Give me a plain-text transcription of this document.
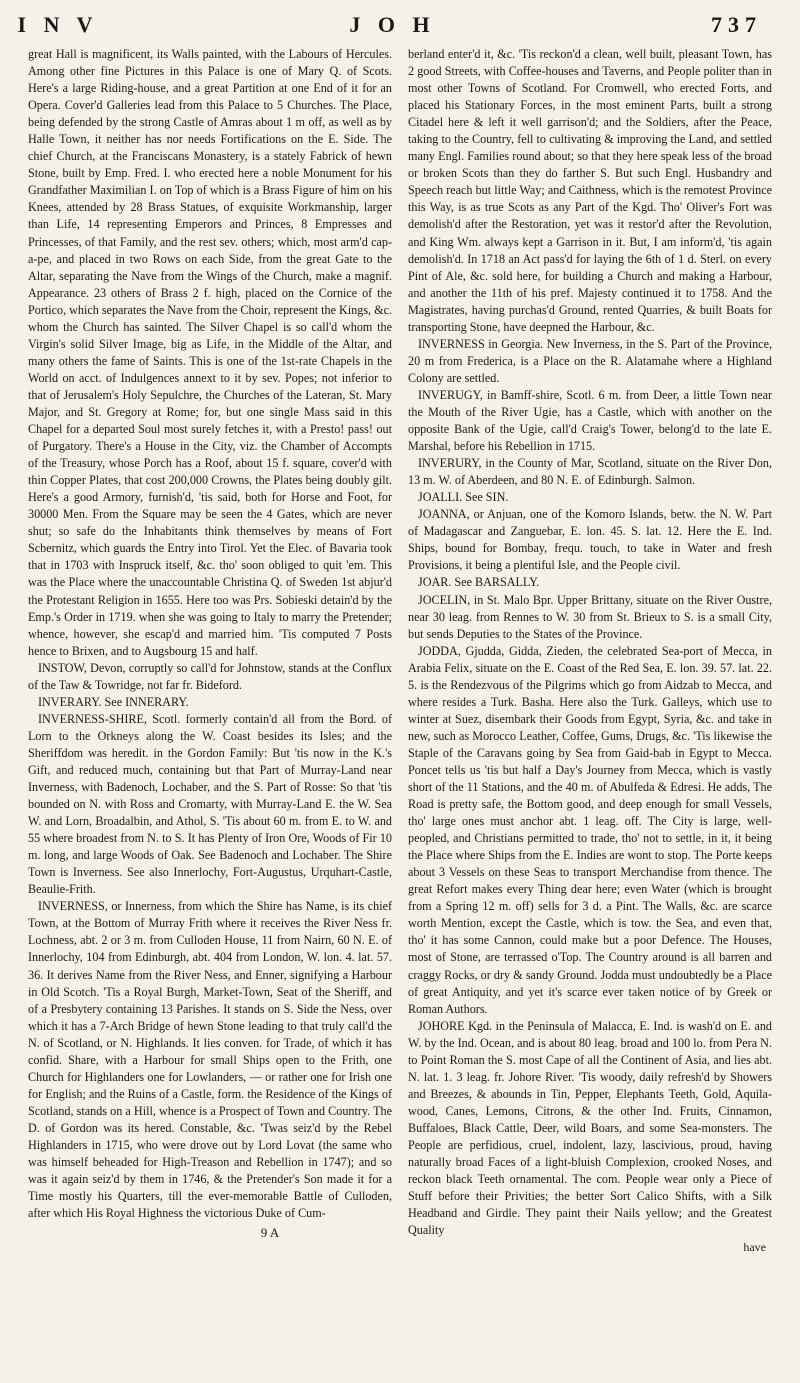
I N V	J O H	737

great Hall is magnificent, its Walls painted, with the Labours of Hercules. Among other fine Pictures in this Palace is one of Mary Q. of Scots. Here's a large Riding-house, and a great Partition at one End of it for an Opera. Cover'd Galleries lead from this Palace to 5 Churches. The Place, being defended by the strong Castle of Amras about 1 m off, as well as by Halle Town, it neither has nor needs Fortifications on the E. Side. The chief Church, at the Franciscans Monastery, is a stately Fabrick of hewn Stone, built by Emp. Fred. I. who erected here a noble Monument for his Grandfather Maximilian I. on Top of which is a Brass Figure of him on his Knees, attended by 28 Brass Statues, of exquisite Workmanship, larger than Life, 14 representing Emperors and Princes, 8 Empresses and Princesses, of that Family, and the rest sev. others; which, most arm'd cap-a-pe, and placed in two Rows on each Side, from the great Gate to the Altar, separating the Nave from the Wings of the Church, make a magnif. Appearance. 23 others of Brass 2 f. high, placed on the Cornice of the Portico, which separates the Nave from the Choir, represent the Kings, &c. whom the Church has sainted. The Silver Chapel is so call'd whom the Virgin's solid Silver Image, big as Life, in the Middle of the Altar, and many others the fame of Saints. This is one of the 1st-rate Chapels in the World on acct. of Indulgences annext to it by sev. Popes; not inferior to that of Jerusalem's Holy Sepulchre, the Churches of the Lateran, St. Mary Major, and St. Gregory at Rome; for, but one single Mass said in this Chapel for a departed Soul most surely fetches it, with a Presto! pass! out of Purgatory. There's a House in the City, viz. the Chamber of Accompts of the Treasury, whose Porch has a Roof, about 15 f. square, cover'd with thin Copper Plates, that cost 200,000 Crowns, the Plates being doubly gilt. Here's a good Armory, furnish'd, 'tis said, both for Horse and Foot, for 30000 Men. From the Square may be seen the 4 Gates, which are never shut; so safe do the Inhabitants think themselves by means of Fort Scbernitz, which guards the Entry into Tirol. Yet the Elec. of Bavaria took that in 1703 with Inspruck itself, &c. tho' soon obliged to quit 'em. This was the Place where the unaccountable Christina Q. of Sweden 1st abjur'd the Protestant Religion in 1655. Here too was Prs. Sobieski detain'd by the Emp.'s Order in 1719. when she was going to Italy to marry the Pretender; whence, however, she escap'd and married him. 'Tis computed 7 Posts hence to Brixen, and to Augsbourg 15 and half.

INSTOW, Devon, corruptly so call'd for Johnstow, stands at the Conflux of the Taw & Towridge, not far fr. Bideford.

INVERARY. See INNERARY.

INVERNESS-SHIRE, Scotl. formerly contain'd all from the Bord. of Lorn to the Orkneys along the W. Coast besides its Isles; and the Sheriffdom was heredit. in the Gordon Family: But 'tis now in the K.'s Gift, and reduced much, containing but that Part of Murray-Land near Inverness, with Badenoch, Lochaber, and the S. Part of Rosse: So that 'tis bounded on N. with Ross and Cromarty, with Murray-Land E. the W. Sea W. and Lorn, Broadalbin, and Athol, S. 'Tis about 60 m. from E. to W. and 55 where broadest from N. to S. It has Plenty of Iron Ore, Woods of Fir 10 m. long, and large Woods of Oak. See Badenoch and Lochaber. The Shire Town is Inverness. See also Innerlochy, Fort-Augustus, Urquhart-Castle, Beaulie-Frith.

INVERNESS, or Innerness, from which the Shire has Name, is its chief Town, at the Bottom of Murray Frith where it receives the River Ness fr. Lochness, abt. 2 or 3 m. from Culloden House, 11 from Nairn, 60 N. E. of Innerlochy, 104 from Edinburgh, abt. 404 from London, W. lon. 4. lat. 57. 36. It derives Name from the River Ness, and Enner, signifying a Harbour in Old Scotch. 'Tis a Royal Burgh, Market-Town, Seat of the Sheriff, and of a Presbytery containing 13 Parishes. It stands on S. Side the Ness, over which it has a 7-Arch Bridge of hewn Stone leading to that truly call'd the N. of Scotland, or N. Highlands. It lies conven. for Trade, of which it has confid. Share, with a Harbour for small Ships open to the Frith, one Church for Highlanders one for Lowlanders, — or rather one for Irish one for English; and the Ruins of a Castle, form. the Residence of the Kings of Scotland, stands on a Hill, whence is a Prospect of Town and Country. The D. of Gordon was its hered. Constable, &c. 'Twas seiz'd by the Rebel Highlanders in 1715, who were drove out by Lord Lovat (the same who was himself beheaded for High-Treason and Rebellion in 1747); and so was it again seiz'd by them in 1746, & the Pretender's Son made it for a Time mostly his Quarters, till the ever-memorable Battle of Culloden, after which His Royal Highness the victorious Duke of Cum-

9 A

berland enter'd it, &c. 'Tis reckon'd a clean, well built, pleasant Town, has 2 good Streets, with Coffee-houses and Taverns, and People politer than in most other Towns of Scotland. For Cromwell, who erected Forts, and placed his Stationary Forces, in the most eminent Parts, built a strong Citadel here & left it well garrison'd; and the Soldiers, after the Peace, taking to the Country, fell to cultivating & improving the Land, and settled many Engl. Families round about; so that they here speak less of the broad or broken Scots than they do farther S. But such Engl. Husbandry and Speech reach but little Way; and Caithness, which is the remotest Province this Way, is as true Scots as any Part of the Kgd. Tho' Oliver's Fort was demolish'd after the Restoration, yet was it restor'd after the Revolution, and King Wm. always kept a Garrison in it. But, I am inform'd, 'tis again demolish'd. In 1718 an Act pass'd for laying the 6th of 1 d. Sterl. on every Pint of Ale, &c. sold here, for building a Church and making a Harbour, and another the 11th of his pref. Majesty continued it to 1758. And the Magistrates, having purchas'd Ground, rented Quarries, & built Boats for transporting Stone, have deepned the Harbour, &c.

INVERNESS in Georgia. New Inverness, in the S. Part of the Province, 20 m from Frederica, is a Place on the R. Alatamahe where a Highland Colony are settled.

INVERUGY, in Bamff-shire, Scotl. 6 m. from Deer, a little Town near the Mouth of the River Ugie, has a Castle, which with another on the opposite Bank of the Ugie, call'd Craig's Tower, belong'd to the late E. Marshal, before his Rebellion in 1715.

INVERURY, in the County of Mar, Scotland, situate on the River Don, 13 m. W. of Aberdeen, and 80 N. E. of Edinburgh. Salmon.

JOALLI. See SIN.

JOANNA, or Anjuan, one of the Komoro Islands, betw. the N. W. Part of Madagascar and Zanguebar, E. lon. 45. S. lat. 12. Here the E. Ind. Ships, bound for Bombay, frequ. touch, to take in Water and fresh Provisions, it being a plentiful Isle, and the People civil.

JOAR. See BARSALLY.

JOCELIN, in St. Malo Bpr. Upper Brittany, situate on the River Oustre, near 30 leag. from Rennes to W. 30 from St. Brieux to S. is a small City, but sends Deputies to the States of the Province.

JODDA, Gjudda, Gidda, Zieden, the celebrated Sea-port of Mecca, in Arabia Felix, situate on the E. Coast of the Red Sea, E. lon. 39. 57. lat. 22. 5. is the Rendezvous of the Pilgrims which go from Aidzab to Mecca, and where resides a Turk. Basha. Here also the Turk. Galleys, which use to winter at Suez, disembark their Goods from Egypt, Syria, &c. and take in new, such as Morocco Leather, Coffee, Gums, Drugs, &c. 'Tis likewise the Staple of the Caravans going by Sea from Gaid-bab in Egypt to Mecca. Poncet tells us 'tis but half a Day's Journey from Mecca, which is vastly short of the 11 Stations, and the 40 m. of Abulfeda & Edresi. He adds, The Road is pretty safe, the Bottom good, and deep enough for small Vessels, tho' large ones must anchor abt. 1 leag. off. The City is large, well-peopled, and Christians permitted to trade, tho' not to settle, in it, it being the Place where Ships from the E. Indies are wont to stop. The Porte keeps about 3 Vessels on these Seas to transport Merchandise from thence. The great Refort makes every Thing dear here; even Water (which is brought from a Spring 12 m. off) sells for 3 d. a Pint. The Walls, &c. are scarce worth Mention, except the Castle, which is tow. the Sea, and even that, tho' it has some Cannon, could make but a poor Defence. The Houses, most of Stone, are terrassed o'Top. The Country around is all barren and craggy Rocks, or dry & sandy Ground. Jodda must undoubtedly be a Place of great Antiquity, and yet it's scarce ever taken notice of by Greek or Roman Authors.

JOHORE Kgd. in the Peninsula of Malacca, E. Ind. is wash'd on E. and W. by the Ind. Ocean, and is about 80 leag. broad and 100 lo. from Pera N. to Point Roman the S. most Cape of all the Continent of Asia, and lies abt. N. lat. 1. 3 leag. fr. Johore River. 'Tis woody, daily refresh'd by Showers and Breezes, & abounds in Tin, Pepper, Elephants Teeth, Gold, Aquila-wood, Canes, Lemons, Citrons, & the other Ind. Fruits, Cinnamon, Buffaloes, Black Cattle, Deer, wild Boars, and some Sea-monsters. The People are perfidious, cruel, indolent, lazy, lascivious, proud, having naturally broad Faces of a light-bluish Complexion, crooked Noses, and reckon black Teeth ornamental. The com. People wear only a Piece of Stuff before their Privities; the better Sort Calico Shifts, with a Silk Headband and Girdle. They paint their Nails yellow; and the Greatest Quality

have
